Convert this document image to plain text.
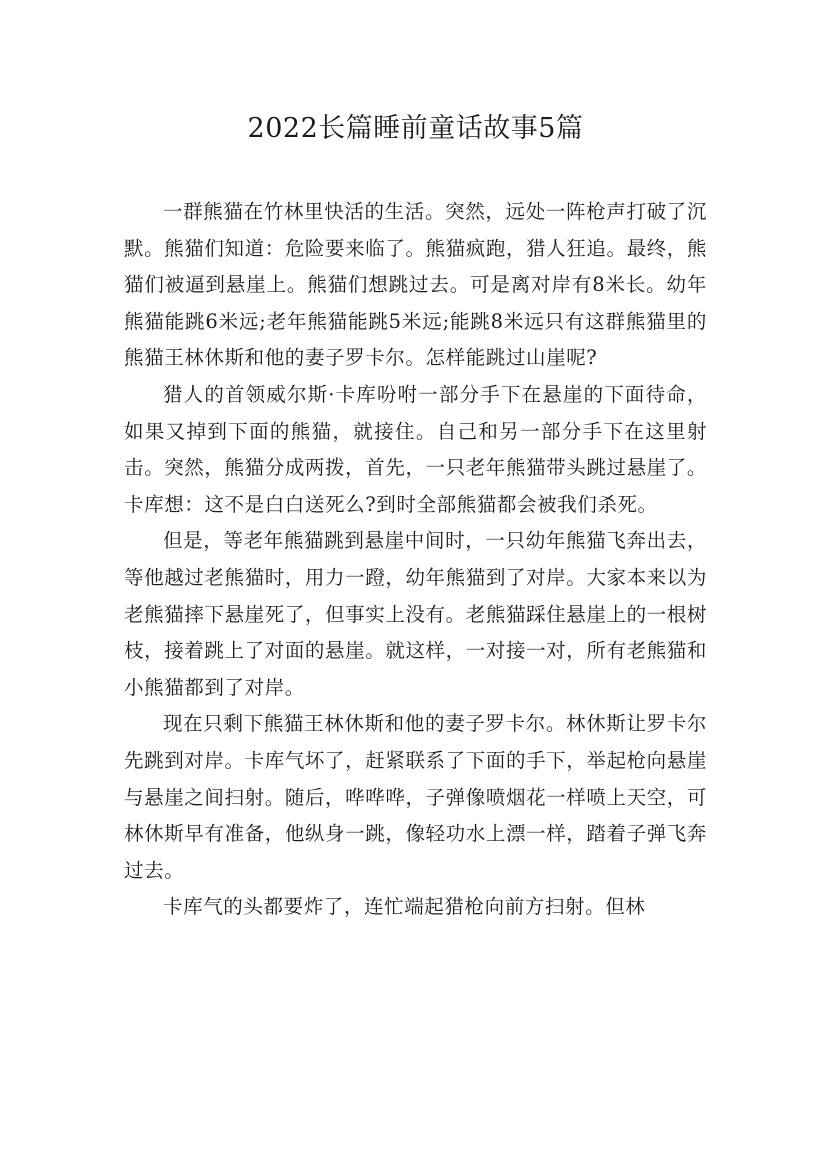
2022长篇睡前童话故事5篇

一群熊猫在竹林里快活的生活。突然，远处一阵枪声打破了沉默。熊猫们知道：危险要来临了。熊猫疯跑，猎人狂追。最终，熊猫们被逼到悬崖上。熊猫们想跳过去。可是离对岸有8米长。幼年熊猫能跳6米远;老年熊猫能跳5米远;能跳8米远只有这群熊猫里的熊猫王林休斯和他的妻子罗卡尔。怎样能跳过山崖呢?

猎人的首领威尔斯·卡库吩咐一部分手下在悬崖的下面待命，如果又掉到下面的熊猫，就接住。自己和另一部分手下在这里射击。突然，熊猫分成两拨，首先，一只老年熊猫带头跳过悬崖了。卡库想：这不是白白送死么?到时全部熊猫都会被我们杀死。

但是，等老年熊猫跳到悬崖中间时，一只幼年熊猫飞奔出去，等他越过老熊猫时，用力一蹬，幼年熊猫到了对岸。大家本来以为老熊猫摔下悬崖死了，但事实上没有。老熊猫踩住悬崖上的一根树枝，接着跳上了对面的悬崖。就这样，一对接一对，所有老熊猫和小熊猫都到了对岸。

现在只剩下熊猫王林休斯和他的妻子罗卡尔。林休斯让罗卡尔先跳到对岸。卡库气坏了，赶紧联系了下面的手下，举起枪向悬崖与悬崖之间扫射。随后，哗哗哗，子弹像喷烟花一样喷上天空，可林休斯早有准备，他纵身一跳，像轻功水上漂一样，踏着子弹飞奔过去。

卡库气的头都要炸了，连忙端起猎枪向前方扫射。但林
